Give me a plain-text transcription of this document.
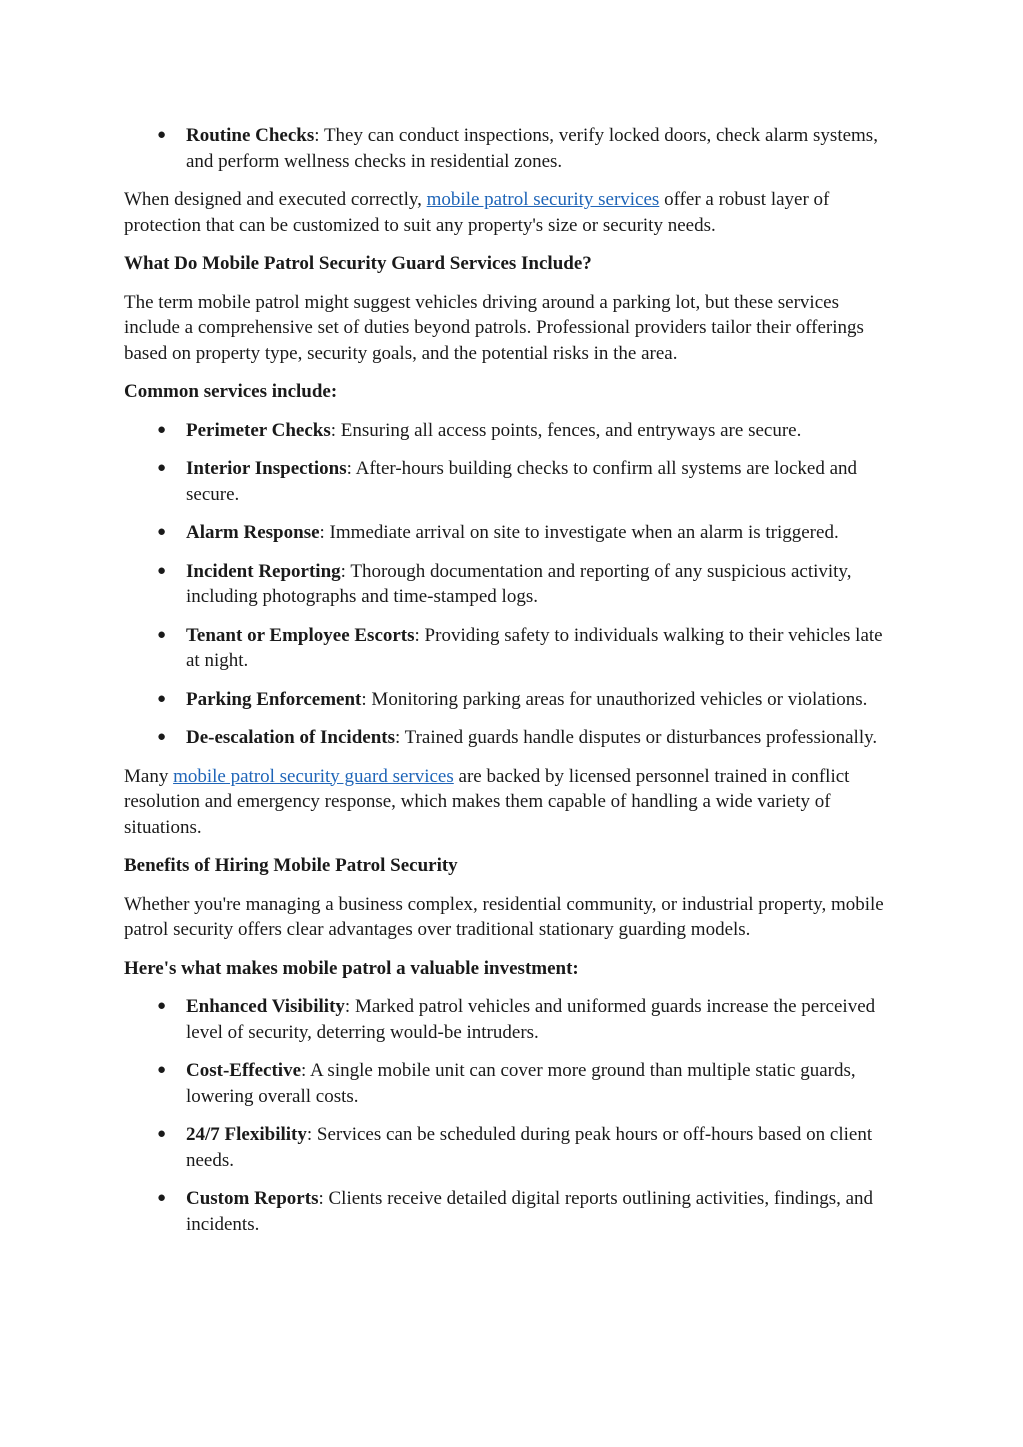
● Routine Checks: They can conduct inspections, verify locked doors, check alarm systems, and perform wellness checks in residential zones.

When designed and executed correctly, mobile patrol security services offer a robust layer of protection that can be customized to suit any property's size or security needs.

What Do Mobile Patrol Security Guard Services Include?

The term mobile patrol might suggest vehicles driving around a parking lot, but these services include a comprehensive set of duties beyond patrols. Professional providers tailor their offerings based on property type, security goals, and the potential risks in the area.

Common services include:
● Perimeter Checks: Ensuring all access points, fences, and entryways are secure.
● Interior Inspections: After-hours building checks to confirm all systems are locked and secure.
● Alarm Response: Immediate arrival on site to investigate when an alarm is triggered.
● Incident Reporting: Thorough documentation and reporting of any suspicious activity, including photographs and time-stamped logs.
● Tenant or Employee Escorts: Providing safety to individuals walking to their vehicles late at night.
● Parking Enforcement: Monitoring parking areas for unauthorized vehicles or violations.
● De-escalation of Incidents: Trained guards handle disputes or disturbances professionally.

Many mobile patrol security guard services are backed by licensed personnel trained in conflict resolution and emergency response, which makes them capable of handling a wide variety of situations.

Benefits of Hiring Mobile Patrol Security

Whether you're managing a business complex, residential community, or industrial property, mobile patrol security offers clear advantages over traditional stationary guarding models.

Here's what makes mobile patrol a valuable investment:
● Enhanced Visibility: Marked patrol vehicles and uniformed guards increase the perceived level of security, deterring would-be intruders.
● Cost-Effective: A single mobile unit can cover more ground than multiple static guards, lowering overall costs.
● 24/7 Flexibility: Services can be scheduled during peak hours or off-hours based on client needs.
● Custom Reports: Clients receive detailed digital reports outlining activities, findings, and incidents.
